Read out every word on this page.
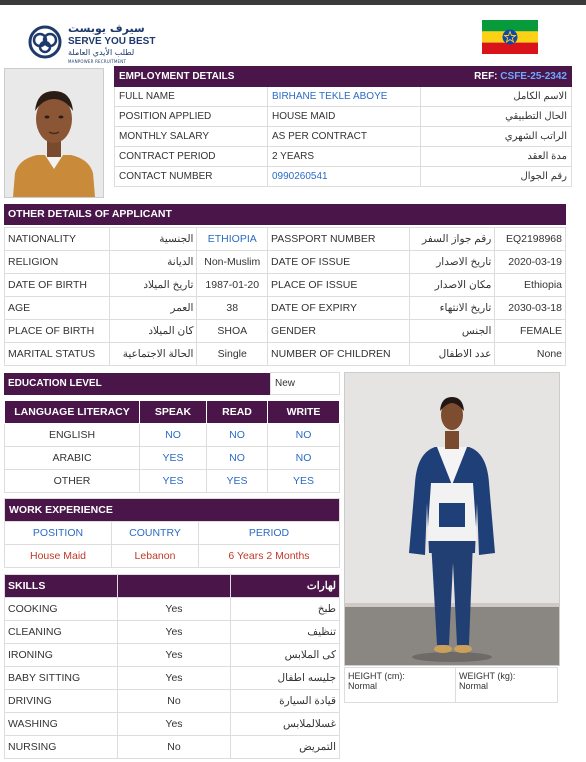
سيرف يوبست
SERVE YOU BEST
لطلب الأيدي العاملة
MANPOWER RECRUITMENT
EMPLOYMENT DETAILS	REF: CSFE-25-2342	
FULL NAME	BIRHANE TEKLE ABOYE	الاسم الكامل
POSITION APPLIED	HOUSE MAID	الحال التطبيقي
MONTHLY SALARY	AS PER CONTRACT	الراتب الشهري
CONTRACT PERIOD	2 YEARS	مدة العقد
CONTACT NUMBER	0990260541	رقم الجوال
OTHER DETAILS OF APPLICANT
NATIONALITY	الجنسية	ETHIOPIA	PASSPORT NUMBER	رقم جواز السفر	EQ2198968
RELIGION	الديانة	Non-Muslim	DATE OF ISSUE	تاريخ الاصدار	2020-03-19
DATE OF BIRTH	تاريخ الميلاد	1987-01-20	PLACE OF ISSUE	مكان الاصدار	Ethiopia
AGE	العمر	38	DATE OF EXPIRY	تاريخ الانتهاء	2030-03-18
PLACE OF BIRTH	كان الميلاد	SHOA	GENDER	الجنس	FEMALE
MARITAL STATUS	الحالة الاجتماعية	Single	NUMBER OF CHILDREN	عدد الاطفال	None
EDUCATION LEVEL	New
LANGUAGE LITERACY	SPEAK	READ	WRITE
ENGLISH	NO	NO	NO
ARABIC	YES	NO	NO
OTHER	YES	YES	YES
WORK EXPERIENCE		
POSITION	COUNTRY	PERIOD
House Maid	Lebanon	6 Years 2 Months
SKILLS		لهارات
COOKING	Yes	طبخ
CLEANING	Yes	تنظيف
IRONING	Yes	كى الملابس
BABY SITTING	Yes	جليسه اطفال
DRIVING	No	قيادة السيارة
WASHING	Yes	غسلالملابس
NURSING	No	التمريض
HEIGHT (cm):
Normal

WEIGHT (kg):
Normal
